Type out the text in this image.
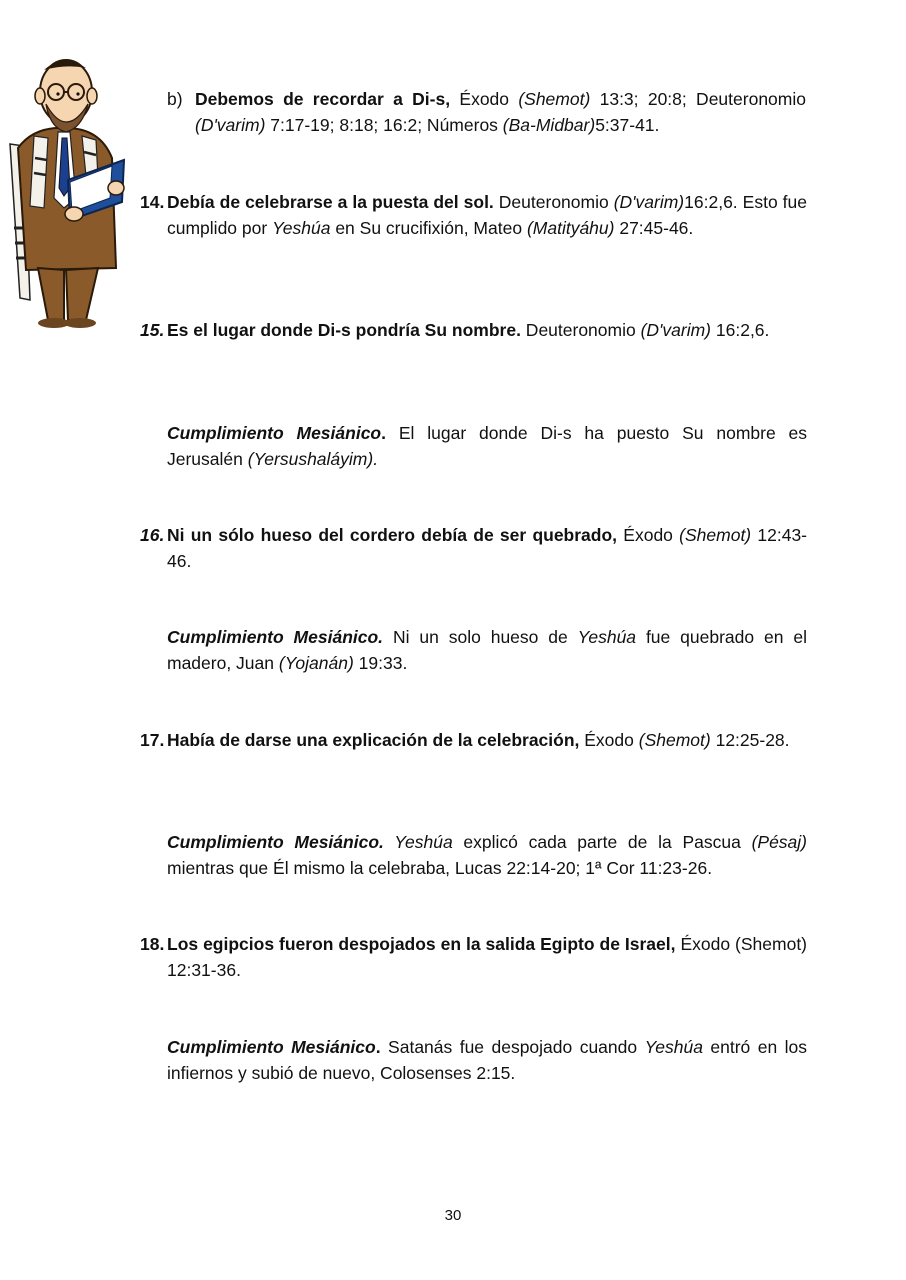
b) Debemos de recordar a Di-s, Éxodo (Shemot) 13:3; 20:8; Deuteronomio (D'varim) 7:17-19; 8:18; 16:2; Números (Ba-Midbar)5:37-41.
14. Debía de celebrarse a la puesta del sol. Deuteronomio (D'varim)16:2,6. Esto fue cumplido por Yeshúa en Su crucifixión, Mateo (Matityáhu) 27:45-46.
15. Es el lugar donde Di-s pondría Su nombre. Deuteronomio (D'varim) 16:2,6.
Cumplimiento Mesiánico. El lugar donde Di-s ha puesto Su nombre es Jerusalén (Yersushaláyim).
16. Ni un sólo hueso del cordero debía de ser quebrado, Éxodo (Shemot) 12:43-46.
Cumplimiento Mesiánico. Ni un solo hueso de Yeshúa fue quebrado en el madero, Juan (Yojanán) 19:33.
17. Había de darse una explicación de la celebración, Éxodo (Shemot) 12:25-28.
Cumplimiento Mesiánico. Yeshúa explicó cada parte de la Pascua (Pésaj) mientras que Él mismo la celebraba, Lucas 22:14-20; 1ª Cor 11:23-26.
18. Los egipcios fueron despojados en la salida Egipto de Israel, Éxodo (Shemot) 12:31-36.
Cumplimiento Mesiánico. Satanás fue despojado cuando Yeshúa entró en los infiernos y subió de nuevo, Colosenses 2:15.
30
